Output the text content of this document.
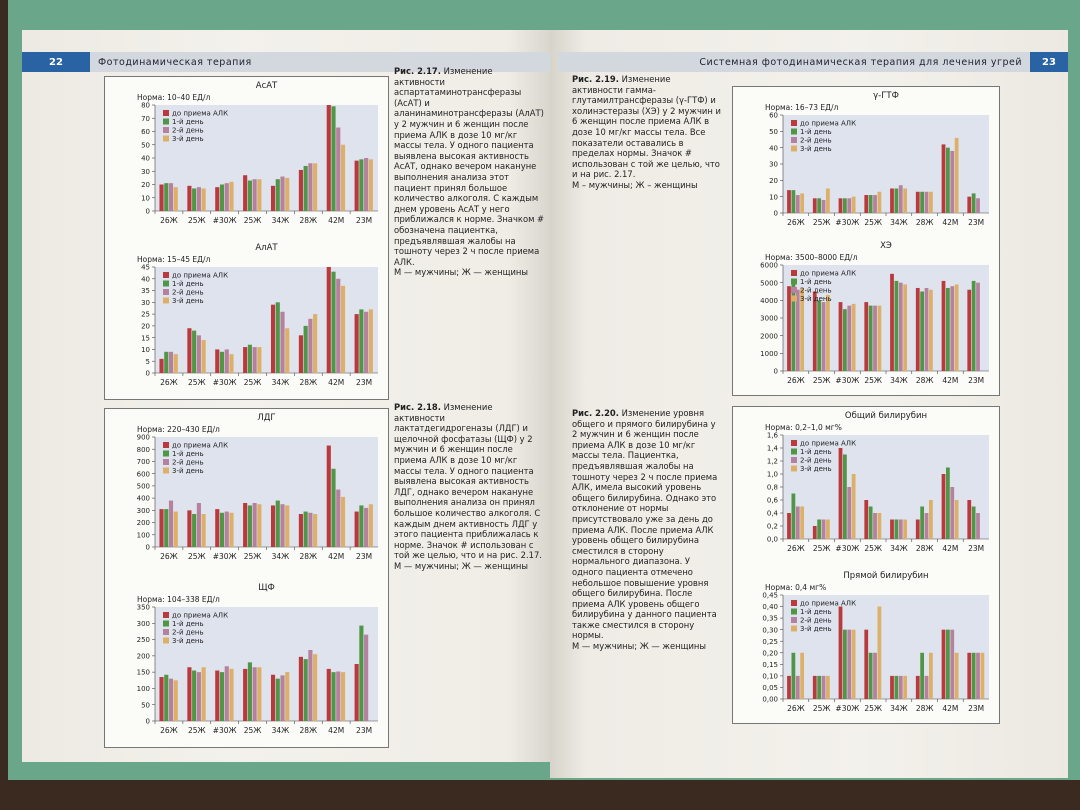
22	Фотодинамическая терапия
АсАТ
Норма: 10–40 ЕД/л
0
10
20
30
40
50
60
70
80
26Ж 25Ж #30Ж 25Ж 34Ж 28Ж 42М 23М
до приема АЛК
1-й день
2-й день
3-й день
АлАТ
Норма: 15–45 ЕД/л
0
5
10
15
20
25
30
35
40
45
26Ж 25Ж #30Ж 25Ж 34Ж 28Ж 42М 23М
до приема АЛК
1-й день
2-й день
3-й день
ЛДГ
Норма: 220–430 ЕД/л
0
100
200
300
400
500
600
700
800
900
26Ж 25Ж #30Ж 25Ж 34Ж 28Ж 42М 23М
до приема АЛК
1-й день
2-й день
3-й день
ЩФ
Норма: 104–338 ЕД/л
0
50
100
150
200
250
300
350
26Ж 25Ж #30Ж 25Ж 34Ж 28Ж 42М 23М
до приема АЛК
1-й день
2-й день
3-й день
Рис. 2.17. Изменение активности аспартатаминотрансферазы (АсАТ) и аланинаминотрансферазы (АлАТ) у 2 мужчин и 6 женщин после приема АЛК в дозе 10 мг/кг массы тела. У одного пациента выявлена высокая активность АсАТ, однако вечером накануне выполнения анализа этот пациент принял большое количество алкоголя. С каждым днем уровень АсАТ у него приближался к норме. Значком # обозначена пациентка, предъявлявшая жалобы на тошноту через 2 ч после приема АЛК.
М — мужчины; Ж — женщины
Рис. 2.18. Изменение активности лактатдегидрогеназы (ЛДГ) и щелочной фосфатазы (ЩФ) у 2 мужчин и 6 женщин после приема АЛК в дозе 10 мг/кг массы тела. У одного пациента выявлена высокая активность ЛДГ, однако вечером накануне выполнения анализа он принял большое количество алкоголя. С каждым днем активность ЛДГ у этого пациента приближалась к норме. Значок # использован с той же целью, что и на рис. 2.17.
М — мужчины; Ж — женщины
Системная фотодинамическая терапия для лечения угрей	23
γ-ГТФ
Норма: 16–73 ЕД/л
0
10
20
30
40
50
60
26Ж 25Ж #30Ж 25Ж 34Ж 28Ж 42М 23М
до приема АЛК
1-й день
2-й день
3-й день
ХЭ
Норма: 3500–8000 ЕД/л
0
1000
2000
3000
4000
5000
6000
26Ж 25Ж #30Ж 25Ж 34Ж 28Ж 42М 23М
до приема АЛК
1-й день
2-й день
3-й день
Общий билирубин
Норма: 0,2–1,0 мг%
0,0
0,2
0,4
0,6
0,8
1,0
1,2
1,4
1,6
26Ж 25Ж #30Ж 25Ж 34Ж 28Ж 42М 23М
до приема АЛК
1-й день
2-й день
3-й день
Прямой билирубин
Норма: 0,4 мг%
0,00
0,05
0,10
0,15
0,20
0,25
0,30
0,35
0,40
0,45
26Ж 25Ж #30Ж 25Ж 34Ж 28Ж 42М 23М
до приема АЛК
1-й день
2-й день
3-й день
Рис. 2.19. Изменение активности гамма-глутамилтрансферазы (γ-ГТФ) и холинэстеразы (ХЭ) у 2 мужчин и 6 женщин после приема АЛК в дозе 10 мг/кг массы тела. Все показатели оставались в пределах нормы. Значок # использован с той же целью, что и на рис. 2.17.
М – мужчины; Ж – женщины
Рис. 2.20. Изменение уровня общего и прямого билирубина у 2 мужчин и 6 женщин после приема АЛК в дозе 10 мг/кг массы тела. Пациентка, предъявлявшая жалобы на тошноту через 2 ч после приема АЛК, имела высокий уровень общего билирубина. Однако это отклонение от нормы присутствовало уже за день до приема АЛК. После приема АЛК уровень общего билирубина сместился в сторону нормального диапазона. У одного пациента отмечено небольшое повышение уровня общего билирубина. После приема АЛК уровень общего билирубина у данного пациента также сместился в сторону нормы.
М — мужчины; Ж — женщины
